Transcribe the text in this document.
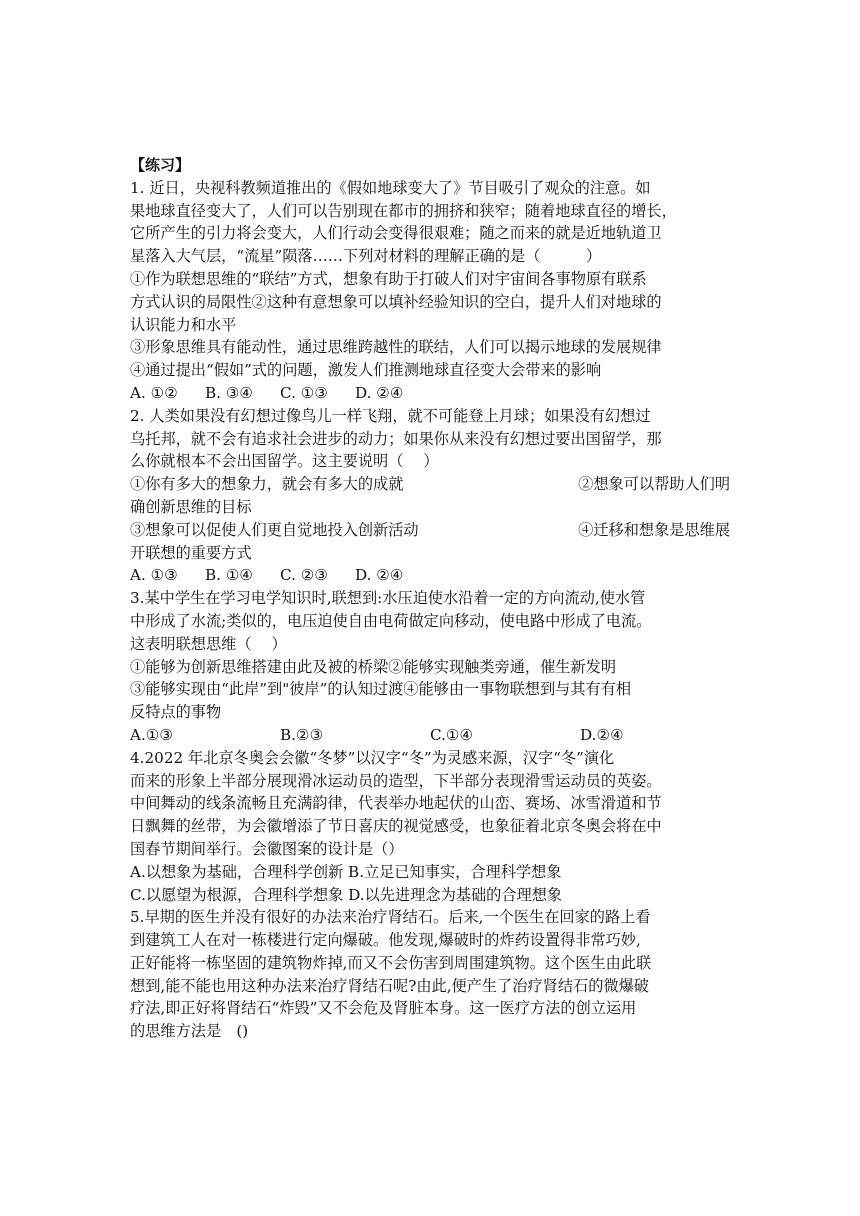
【练习】
1. 近日，央视科教频道推出的《假如地球变大了》节目吸引了观众的注意。如
果地球直径变大了，人们可以告别现在都市的拥挤和狭窄；随着地球直径的增长，
它所产生的引力将会变大，人们行动会变得很艰难；随之而来的就是近地轨道卫
星落入大气层，“流星”陨落……下列对材料的理解正确的是（　　　）
①作为联想思维的“联结”方式，想象有助于打破人们对宇宙间各事物原有联系
方式认识的局限性②这种有意想象可以填补经验知识的空白，提升人们对地球的
认识能力和水平
③形象思维具有能动性，通过思维跨越性的联结，人们可以揭示地球的发展规律
④通过提出“假如”式的问题，激发人们推测地球直径变大会带来的影响
A. ①②	B. ③④	C. ①③	D. ②④
2. 人类如果没有幻想过像鸟儿一样飞翔，就不可能登上月球；如果没有幻想过
乌托邦，就不会有追求社会进步的动力；如果你从来没有幻想过要出国留学，那
么你就根本不会出国留学。这主要说明（　 ）
①你有多大的想象力，就会有多大的成就	②想象可以帮助人们明
确创新思维的目标
③想象可以促使人们更自觉地投入创新活动	④迁移和想象是思维展
开联想的重要方式
A. ①③	B. ①④	C. ②③	D. ②④
3.某中学生在学习电学知识时,联想到:水压迫使水沿着一定的方向流动,使水管
中形成了水流;类似的，电压迫使自由电荷做定向移动，使电路中形成了电流。
这表明联想思维（　 ）
①能够为创新思维搭建由此及被的桥梁②能够实现触类旁通，催生新发明
③能够实现由“此岸”到"彼岸”的认知过渡④能够由一事物联想到与其有有相
反特点的事物
A.①③	B.②③	C.①④	D.②④
4.2022 年北京冬奥会会徽“冬梦”以汉字“冬”为灵感来源，汉字“冬”演化
而来的形象上半部分展现滑冰运动员的造型，下半部分表现滑雪运动员的英姿。
中间舞动的线条流畅且充满韵律，代表举办地起伏的山峦、赛场、冰雪滑道和节
日飘舞的丝带，为会徽增添了节日喜庆的视觉感受，也象征着北京冬奥会将在中
国春节期间举行。会徽图案的设计是（）
A.以想象为基础，合理科学创新 B.立足已知事实，合理科学想象
C.以愿望为根源，合理科学想象 D.以先进理念为基础的合理想象
5.早期的医生并没有很好的办法来治疗肾结石。后来,一个医生在回家的路上看
到建筑工人在对一栋楼进行定向爆破。他发现,爆破时的炸药设置得非常巧妙,
正好能将一栋坚固的建筑物炸掉,而又不会伤害到周围建筑物。这个医生由此联
想到,能不能也用这种办法来治疗肾结石呢?由此,便产生了治疗肾结石的微爆破
疗法,即正好将肾结石“炸毁”又不会危及肾脏本身。这一医疗方法的创立运用
的思维方法是　()
